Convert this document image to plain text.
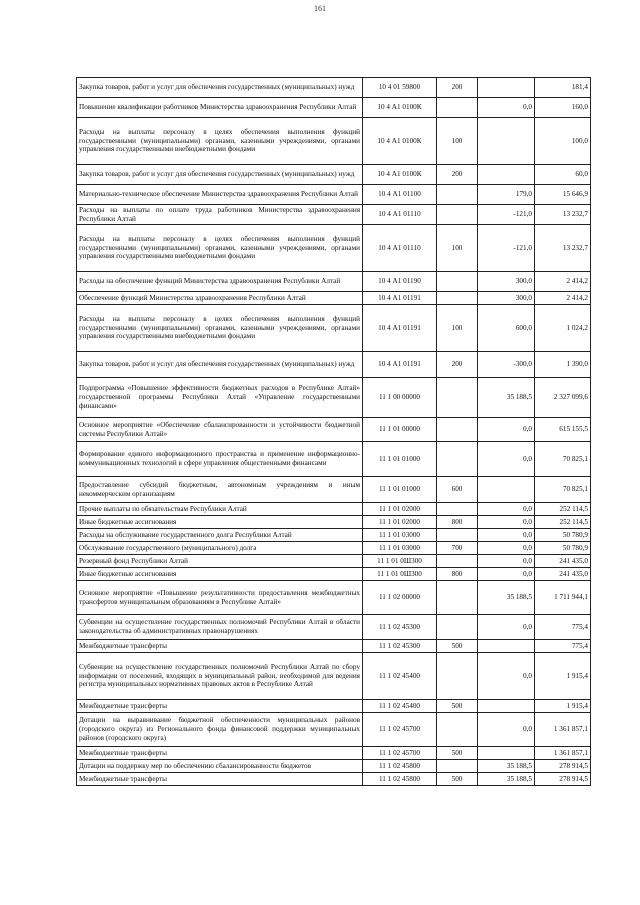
161
Закупка товаров, работ и услуг для обеспечения государственных (муниципальных) нужд	10 4 01 59800	200		181,4
Повышение квалификации работников Министерства здравоохранения Республики Алтай	10 4 А1 0100К		0,0	160,0
Расходы на выплаты персоналу в целях обеспечения выполнения функций государственными (муниципальными) органами, казенными учреждениями, органами управления государственными внебюджетными фондами	10 4 А1 0100К	100		100,0
Закупка товаров, работ и услуг для обеспечения государственных (муниципальных) нужд	10 4 А1 0100К	200		60,0
Материально-техническое обеспечение Министерства здравоохранения Республики Алтай	10 4 А1 01100		179,0	15 646,9
Расходы на выплаты по оплате труда работников Министерства здравоохранения Республики Алтай	10 4 А1 01110		-121,0	13 232,7
Расходы на выплаты персоналу в целях обеспечения выполнения функций государственными (муниципальными) органами, казенными учреждениями, органами управления государственными внебюджетными фондами	10 4 А1 01110	100	-121,0	13 232,7
Расходы на обеспечение функций Министерства здравоохранения Республики Алтай	10 4 А1 01190		300,0	2 414,2
Обеспечение функций Министерства здравоохранения Республики Алтай	10 4 А1 01191		300,0	2 414,2
Расходы на выплаты персоналу в целях обеспечения выполнения функций государственными (муниципальными) органами, казенными учреждениями, органами управления государственными внебюджетными фондами	10 4 А1 01191	100	600,0	1 024,2
Закупка товаров, работ и услуг для обеспечения государственных (муниципальных) нужд	10 4 А1 01191	200	-300,0	1 390,0
Подпрограмма «Повышение эффективности бюджетных расходов в Республике Алтай» государственной программы Республики Алтай «Управление государственными финансами»	11 1 00 00000		35 188,5	2 327 099,6
Основное мероприятие «Обеспечение сбалансированности и устойчивости бюджетной системы Республики Алтай»	11 1 01 00000		0,0	615 155,5
Формирование единого информационного пространства и применение информационно-коммуникационных технологий в сфере управления общественными финансами	11 1 01 01000		0,0	70 825,1
Предоставление субсидий бюджетным, автономным учреждениям и иным некоммерческим организациям	11 1 01 01000	600		70 825,1
Прочие выплаты по обязательствам Республики Алтай	11 1 01 02000		0,0	252 114,5
Иные бюджетные ассигнования	11 1 01 02000	800	0,0	252 114,5
Расходы на обслуживание государственного долга Республики Алтай	11 1 01 03000		0,0	50 780,9
Обслуживание государственного (муниципального) долга	11 1 01 03000	700	0,0	50 780,9
Резервный фонд Республики Алтай	11 1 01 0Ш300		0,0	241 435,0
Иные бюджетные ассигнования	11 1 01 0Ш300	800	0,0	241 435,0
Основное мероприятие «Повышение результативности предоставления межбюджетных трансфертов муниципальным образованиям в Республике Алтай»	11 1 02 00000		35 188,5	1 711 944,1
Субвенции на осуществление государственных полномочий Республики Алтай в области законодательства об административных правонарушениях	11 1 02 45300		0,0	775,4
Межбюджетные трансферты	11 1 02 45300	500		775,4
Субвенции на осуществление государственных полномочий Республики Алтай по сбору информации от поселений, входящих в муниципальный район, необходимой для ведения регистра муниципальных нормативных правовых актов в Республике Алтай	11 1 02 45400		0,0	1 915,4
Межбюджетные трансферты	11 1 02 45400	500		1 915,4
Дотации на выравнивание бюджетной обеспеченности муниципальных районов (городского округа) из Регионального фонда финансовой поддержки муниципальных районов (городского округа)	11 1 02 45700		0,0	1 361 857,1
Межбюджетные трансферты	11 1 02 45700	500		1 361 857,1
Дотации на поддержку мер по обеспечению сбалансированности бюджетов	11 1 02 45800		35 188,5	278 914,5
Межбюджетные трансферты	11 1 02 45800	500	35 188,5	278 914,5
